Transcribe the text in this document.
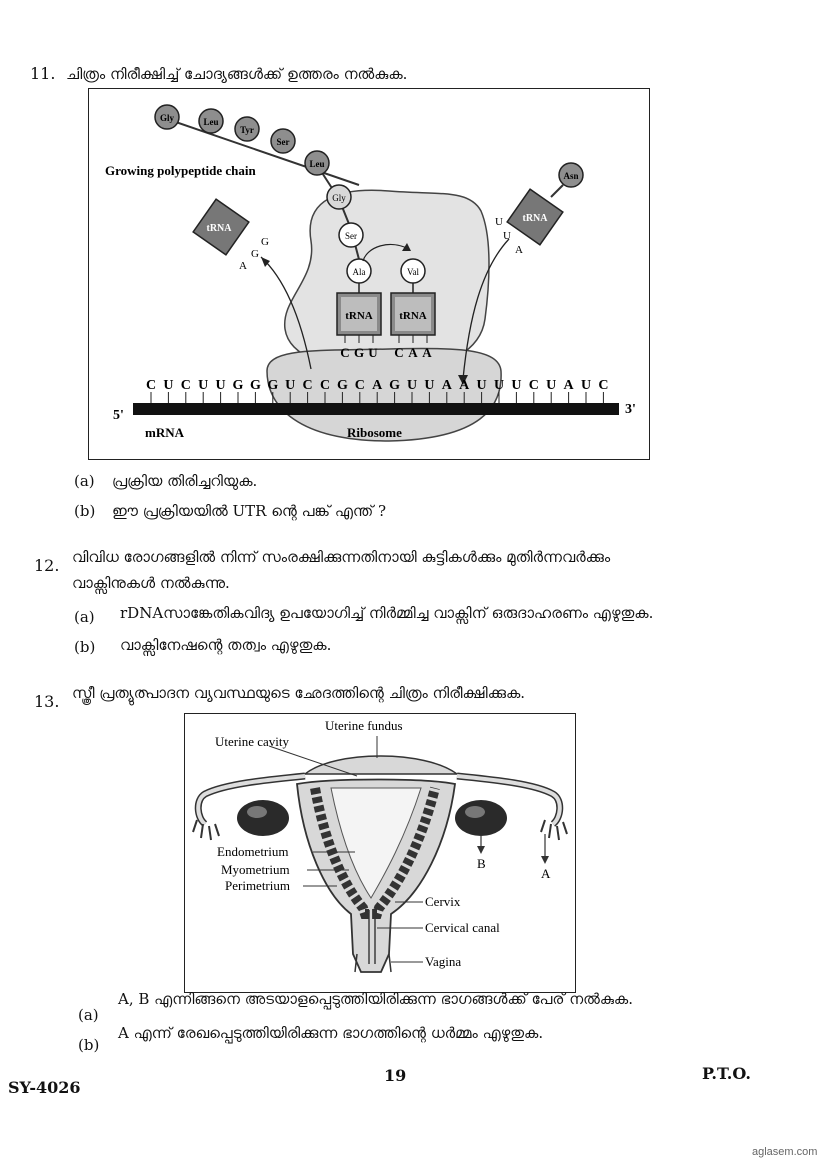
11. ചിത്രം നിരീക്ഷിച്ച് ചോദ്യങ്ങൾക്ക് ഉത്തരം നൽകുക.
Gly	Leu
Tyr
Ser
Leu
Gly
Ser
Growing polypeptide chain
tRNA
G
G
A
tRNA
Asn
U
U
A
Ala
tRNA
C G U
Val
tRNA
C A A
C U C U U G G G U C C G C A G U U A A U U U C U A U C
5'	3'
mRNA	Ribosome
(a) പ്രക്രിയ തിരിച്ചറിയുക.
(b) ഈ പ്രക്രിയയിൽ UTR ന്റെ പങ്ക് എന്ത് ?
12. വിവിധ രോഗങ്ങളിൽ നിന്ന് സംരക്ഷിക്കുന്നതിനായി കുട്ടികൾക്കും മുതിർന്നവർക്കും
വാക്സിനുകൾ നൽകുന്നു.
(a) rDNAസാങ്കേതികവിദ്യ ഉപയോഗിച്ച് നിർമ്മിച്ച വാക്സിന് ഒരുദാഹരണം എഴുതുക.
(b) വാക്സിനേഷന്റെ തത്വം എഴുതുക.
13. സ്ത്രീ പ്രത്യുത്പാദന വ്യവസ്ഥയുടെ ഛേദത്തിന്റെ ചിത്രം നിരീക്ഷിക്കുക.
Uterine fundus
Uterine cavity
Endometrium
Myometrium
Perimetrium
Cervix
Cervical canal
Vagina
B
A
(a)
A, B എന്നിങ്ങനെ അടയാളപ്പെടുത്തിയിരിക്കുന്ന ഭാഗങ്ങൾക്ക് പേര് നൽകുക.
(b)
A എന്ന് രേഖപ്പെടുത്തിയിരിക്കുന്ന ഭാഗത്തിന്റെ ധർമ്മം എഴുതുക.
SY-4026
19	P.T.O.
aglasem.com
